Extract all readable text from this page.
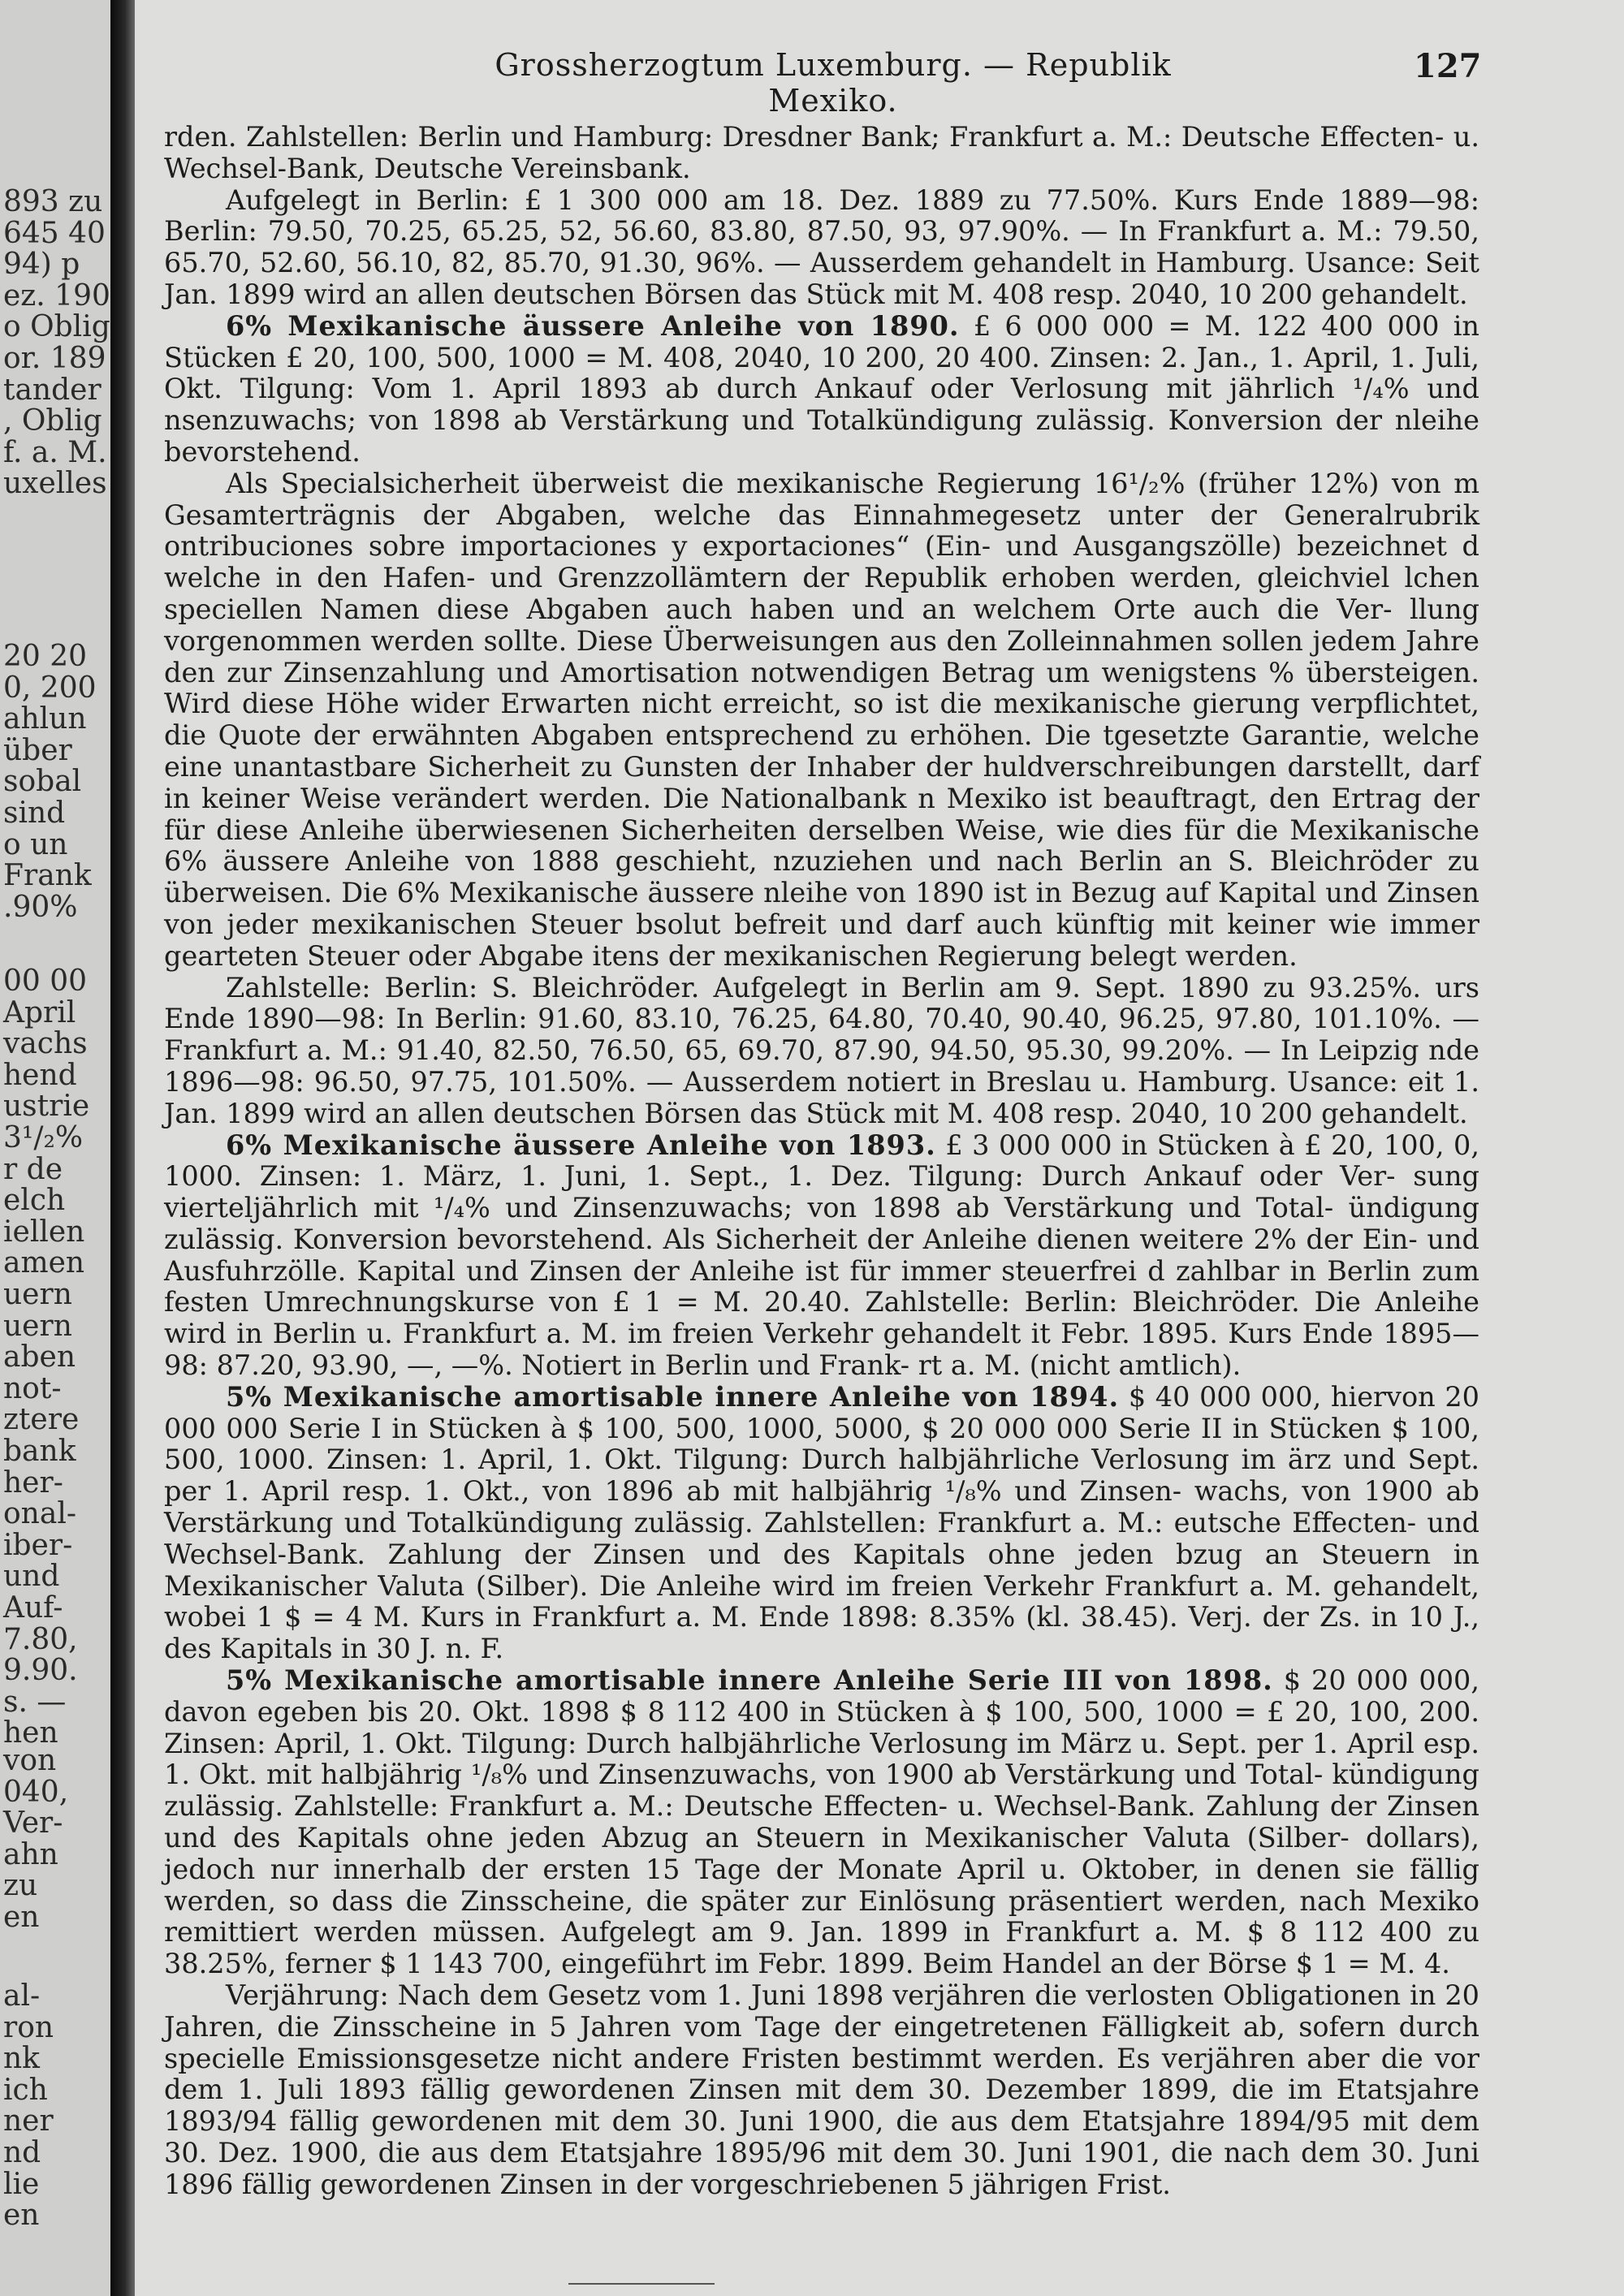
893 zu
645 40
94) p
ez. 190
o Oblig
or. 189
tander
, Oblig
f. a. M.
uxelles
20 20
0, 200
ahlun
über
sobal
sind
o un
Frank
.90%
00 00
April
vachs
hend
ustrie
3¹/₂%
r de
elch
iellen
amen
uern
uern
aben
not-
ztere
bank
her-
onal-
iber-
und
Auf-
7.80,
9.90.
s. —
hen
von
040,
Ver-
ahn
zu
en
al-
ron
nk
ich
ner
nd
lie
en
Grossherzogtum Luxemburg. — Republik Mexiko.
127

rden. Zahlstellen: Berlin und Hamburg: Dresdner Bank; Frankfurt a. M.: Deutsche Effecten- u. Wechsel-Bank, Deutsche Vereinsbank.

Aufgelegt in Berlin: £ 1 300 000 am 18. Dez. 1889 zu 77.50%. Kurs Ende 1889—98: Berlin: 79.50, 70.25, 65.25, 52, 56.60, 83.80, 87.50, 93, 97.90%. — In Frankfurt a. M.: 79.50, 65.70, 52.60, 56.10, 82, 85.70, 91.30, 96%. — Ausserdem gehandelt in Hamburg. Usance: Seit Jan. 1899 wird an allen deutschen Börsen das Stück mit M. 408 resp. 2040, 10 200 gehandelt.

6% Mexikanische äussere Anleihe von 1890. £ 6 000 000 = M. 122 400 000 in Stücken £ 20, 100, 500, 1000 = M. 408, 2040, 10 200, 20 400. Zinsen: 2. Jan., 1. April, 1. Juli, Okt. Tilgung: Vom 1. April 1893 ab durch Ankauf oder Verlosung mit jährlich ¹/₄% und nsenzuwachs; von 1898 ab Verstärkung und Totalkündigung zulässig. Konversion der nleihe bevorstehend.

Als Specialsicherheit überweist die mexikanische Regierung 16¹/₂% (früher 12%) von m Gesamterträgnis der Abgaben, welche das Einnahmegesetz unter der Generalrubrik ontribuciones sobre importaciones y exportaciones“ (Ein- und Ausgangszölle) bezeichnet d welche in den Hafen- und Grenzzollämtern der Republik erhoben werden, gleichviel lchen speciellen Namen diese Abgaben auch haben und an welchem Orte auch die Ver- llung vorgenommen werden sollte. Diese Überweisungen aus den Zolleinnahmen sollen jedem Jahre den zur Zinsenzahlung und Amortisation notwendigen Betrag um wenigstens % übersteigen. Wird diese Höhe wider Erwarten nicht erreicht, so ist die mexikanische gierung verpflichtet, die Quote der erwähnten Abgaben entsprechend zu erhöhen. Die tgesetzte Garantie, welche eine unantastbare Sicherheit zu Gunsten der Inhaber der huldverschreibungen darstellt, darf in keiner Weise verändert werden. Die Nationalbank n Mexiko ist beauftragt, den Ertrag der für diese Anleihe überwiesenen Sicherheiten derselben Weise, wie dies für die Mexikanische 6% äussere Anleihe von 1888 geschieht, nzuziehen und nach Berlin an S. Bleichröder zu überweisen. Die 6% Mexikanische äussere nleihe von 1890 ist in Bezug auf Kapital und Zinsen von jeder mexikanischen Steuer bsolut befreit und darf auch künftig mit keiner wie immer gearteten Steuer oder Abgabe itens der mexikanischen Regierung belegt werden.

Zahlstelle: Berlin: S. Bleichröder. Aufgelegt in Berlin am 9. Sept. 1890 zu 93.25%. urs Ende 1890—98: In Berlin: 91.60, 83.10, 76.25, 64.80, 70.40, 90.40, 96.25, 97.80, 101.10%. — Frankfurt a. M.: 91.40, 82.50, 76.50, 65, 69.70, 87.90, 94.50, 95.30, 99.20%. — In Leipzig nde 1896—98: 96.50, 97.75, 101.50%. — Ausserdem notiert in Breslau u. Hamburg. Usance: eit 1. Jan. 1899 wird an allen deutschen Börsen das Stück mit M. 408 resp. 2040, 10 200 gehandelt.

6% Mexikanische äussere Anleihe von 1893. £ 3 000 000 in Stücken à £ 20, 100, 0, 1000. Zinsen: 1. März, 1. Juni, 1. Sept., 1. Dez. Tilgung: Durch Ankauf oder Ver- sung vierteljährlich mit ¹/₄% und Zinsenzuwachs; von 1898 ab Verstärkung und Total- ündigung zulässig. Konversion bevorstehend. Als Sicherheit der Anleihe dienen weitere 2% der Ein- und Ausfuhrzölle. Kapital und Zinsen der Anleihe ist für immer steuerfrei d zahlbar in Berlin zum festen Umrechnungskurse von £ 1 = M. 20.40. Zahlstelle: Berlin: Bleichröder. Die Anleihe wird in Berlin u. Frankfurt a. M. im freien Verkehr gehandelt it Febr. 1895. Kurs Ende 1895—98: 87.20, 93.90, —, —%. Notiert in Berlin und Frank- rt a. M. (nicht amtlich).

5% Mexikanische amortisable innere Anleihe von 1894. $ 40 000 000, hiervon 20 000 000 Serie I in Stücken à $ 100, 500, 1000, 5000, $ 20 000 000 Serie II in Stücken $ 100, 500, 1000. Zinsen: 1. April, 1. Okt. Tilgung: Durch halbjährliche Verlosung im ärz und Sept. per 1. April resp. 1. Okt., von 1896 ab mit halbjährig ¹/₈% und Zinsen- wachs, von 1900 ab Verstärkung und Totalkündigung zulässig. Zahlstellen: Frankfurt a. M.: eutsche Effecten- und Wechsel-Bank. Zahlung der Zinsen und des Kapitals ohne jeden bzug an Steuern in Mexikanischer Valuta (Silber). Die Anleihe wird im freien Verkehr Frankfurt a. M. gehandelt, wobei 1 $ = 4 M. Kurs in Frankfurt a. M. Ende 1898: 8.35% (kl. 38.45). Verj. der Zs. in 10 J., des Kapitals in 30 J. n. F.

5% Mexikanische amortisable innere Anleihe Serie III von 1898. $ 20 000 000, davon egeben bis 20. Okt. 1898 $ 8 112 400 in Stücken à $ 100, 500, 1000 = £ 20, 100, 200. Zinsen: April, 1. Okt. Tilgung: Durch halbjährliche Verlosung im März u. Sept. per 1. April esp. 1. Okt. mit halbjährig ¹/₈% und Zinsenzuwachs, von 1900 ab Verstärkung und Total- kündigung zulässig. Zahlstelle: Frankfurt a. M.: Deutsche Effecten- u. Wechsel-Bank. Zahlung der Zinsen und des Kapitals ohne jeden Abzug an Steuern in Mexikanischer Valuta (Silber- dollars), jedoch nur innerhalb der ersten 15 Tage der Monate April u. Oktober, in denen sie fällig werden, so dass die Zinsscheine, die später zur Einlösung präsentiert werden, nach Mexiko remittiert werden müssen. Aufgelegt am 9. Jan. 1899 in Frankfurt a. M. $ 8 112 400 zu 38.25%, ferner $ 1 143 700, eingeführt im Febr. 1899. Beim Handel an der Börse $ 1 = M. 4.

Verjährung: Nach dem Gesetz vom 1. Juni 1898 verjähren die verlosten Obligationen in 20 Jahren, die Zinsscheine in 5 Jahren vom Tage der eingetretenen Fälligkeit ab, sofern durch specielle Emissionsgesetze nicht andere Fristen bestimmt werden. Es verjähren aber die vor dem 1. Juli 1893 fällig gewordenen Zinsen mit dem 30. Dezember 1899, die im Etatsjahre 1893/94 fällig gewordenen mit dem 30. Juni 1900, die aus dem Etatsjahre 1894/95 mit dem 30. Dez. 1900, die aus dem Etatsjahre 1895/96 mit dem 30. Juni 1901, die nach dem 30. Juni 1896 fällig gewordenen Zinsen in der vorgeschriebenen 5 jährigen Frist.
